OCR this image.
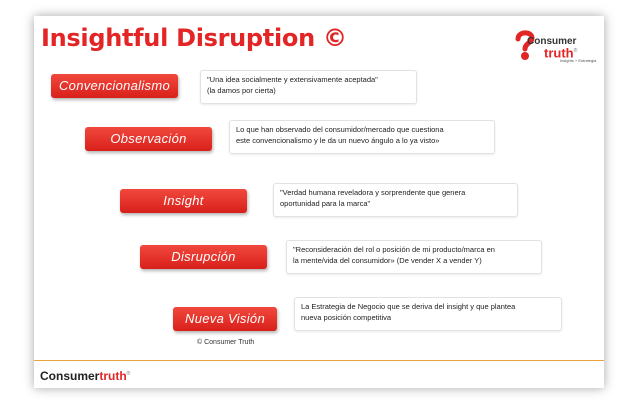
Insightful Disruption ©	Consumer
truth®
Insights + Estrategia
Convencionalismo	"Una idea socialmente y extensivamente aceptada"
(la damos por cierta)
Observación
Lo que han observado del consumidor/mercado que cuestiona
este convencionalismo y le da un nuevo ángulo a lo ya visto»
Insight
"Verdad humana reveladora y sorprendente que genera
oportunidad para la marca"
Disrupción	"Reconsideración del rol o posición de mi producto/marca en
la mente/vida del consumidor» (De vender X a vender Y)
Nueva Visión
La Estrategia de Negocio que se deriva del insight y que plantea
nueva posición competitiva
© Consumer Truth
Consumertruth®
